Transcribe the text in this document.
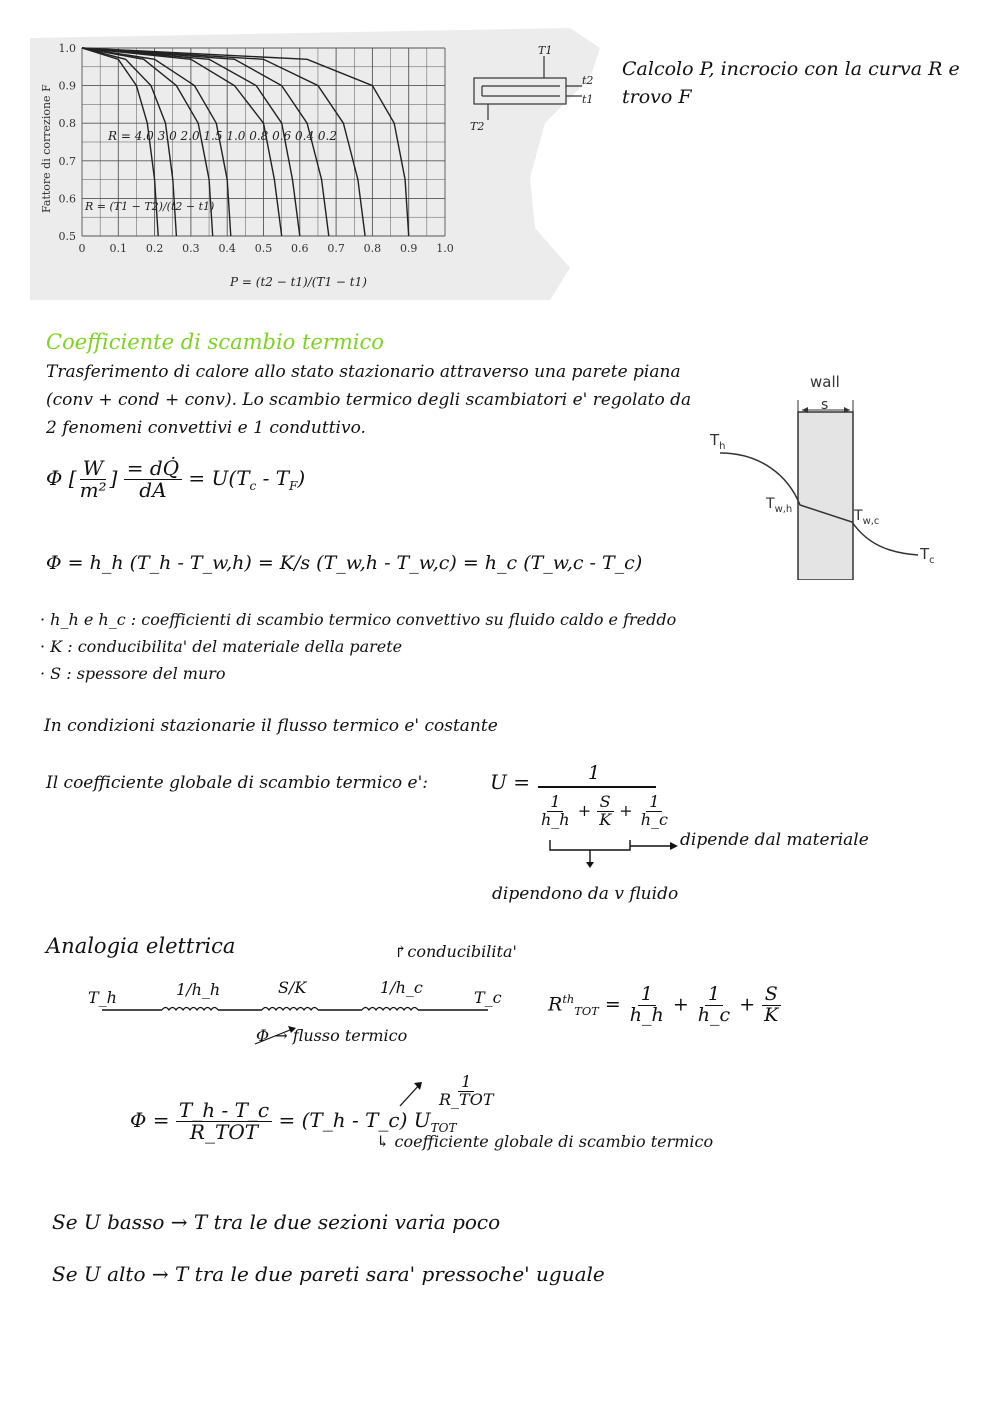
0 0.1 0.2 0.3 0.4 0.5 0.6 0.7 0.8 0.9 1.0
0.5
0.6
0.7
0.8
0.9
1.0
Fattore di correzione F	R = 4.0 3.0 2.0 1.5 1.0 0.8 0.6 0.4 0.2
R = (T1 − T2)/(t2 − t1)
P = (t2 − t1)/(T1 − t1)
T1
t2
t1
T2
Calcolo P, incrocio con la curva R e
trovo F
Coefficiente di scambio termico
Trasferimento di calore allo stato stazionario attraverso una parete piana
(conv + cond + conv). Lo scambio termico degli scambiatori e' regolato da
2 fenomeni convettivi e 1 conduttivo.
wall
s
$T_h$
$T_{w,h}$	$T_{w,c}$
$T_c$
Φ [ $\frac{W}{\text{m²}}$ ] $\frac{= dQ̇}{dA} = U(T_c - T_F)$
Φ = h_h (T_h - T_w,h) = K/s (T_w,h - T_w,c) = h_c (T_w,c - T_c)
· h_h e h_c : coefficienti di scambio termico convettivo su fluido caldo e freddo
· K : conducibilita' del materiale della parete
· S : spessore del muro
In condizioni stazionarie il flusso termico e' costante
Il coefficiente globale di scambio termico e':	U =	1
$\frac{1}{h\_h} + \frac{S}{K} + \frac{1}{h\_c}$
dipende dal materiale
dipendono da v fluido
Analogia elettrica	↱conducibilita'
T_h	1/h_h	S/K	1/h_c
T_c
Φ → flusso termico
$R^{th}_{TOT} = \frac{1}{h\_h} + \frac{1}{h\_c} + \frac{S}{K}$
$\Phi = \frac{T\_h - T\_c}{\text{R\_TOT}}$ = (T_h - T_c) $U_{TOT}$
$\frac{1}{\text{R\_TOT}}$
↳ coefficiente globale di scambio termico
Se U basso → T tra le due sezioni varia poco
Se U alto → T tra le due pareti sara' pressoche' uguale
